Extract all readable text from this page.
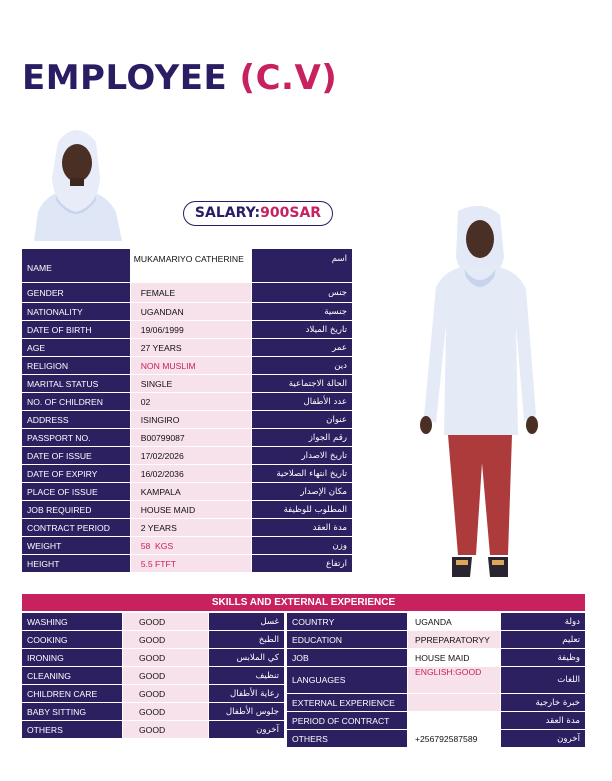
EMPLOYEE (C.V)
SALARY:900SAR
NAME	MUKAMARIYO CATHERINE	اسم
GENDER	FEMALE	جنس
NATIONALITY	UGANDAN	جنسية
DATE OF BIRTH	19/06/1999	تاريخ الميلاد
AGE	27 YEARS	عمر
RELIGION	NON MUSLIM	دين
MARITAL STATUS	SINGLE	الحالة الاجتماعية
NO. OF CHILDREN	02	عدد الأطفال
ADDRESS	ISINGIRO	عنوان
PASSPORT NO.	B00799087	رقم الجواز
DATE OF ISSUE	17/02/2026	تاريخ الاصدار
DATE OF EXPIRY	16/02/2036	تاريخ انتهاء الصلاحية
PLACE OF ISSUE	KAMPALA	مكان الإصدار
JOB REQUIRED	HOUSE MAID	المطلوب للوظيفة
CONTRACT PERIOD	2 YEARS	مدة العقد
WEIGHT	58  KGS	وزن
HEIGHT	5.5 FTFT	ارتفاع
SKILLS AND EXTERNAL EXPERIENCE
WASHING	GOOD	غسل
COOKING	GOOD	الطبخ
IRONING	GOOD	كي الملابس
CLEANING	GOOD	تنظيف
CHILDREN CARE	GOOD	رعاية الأطفال
BABY SITTING	GOOD	جلوس الأطفال
OTHERS	GOOD	آخرون
COUNTRY	UGANDA	دولة
EDUCATION	PPREPARATORYY	تعليم
JOB	HOUSE MAID	وظيفة
LANGUAGES	ENGLISH:GOOD	اللغات
EXTERNAL EXPERIENCE		خبرة خارجية
PERIOD OF CONTRACT		مدة العقد
OTHERS	+256792587589	آخرون
